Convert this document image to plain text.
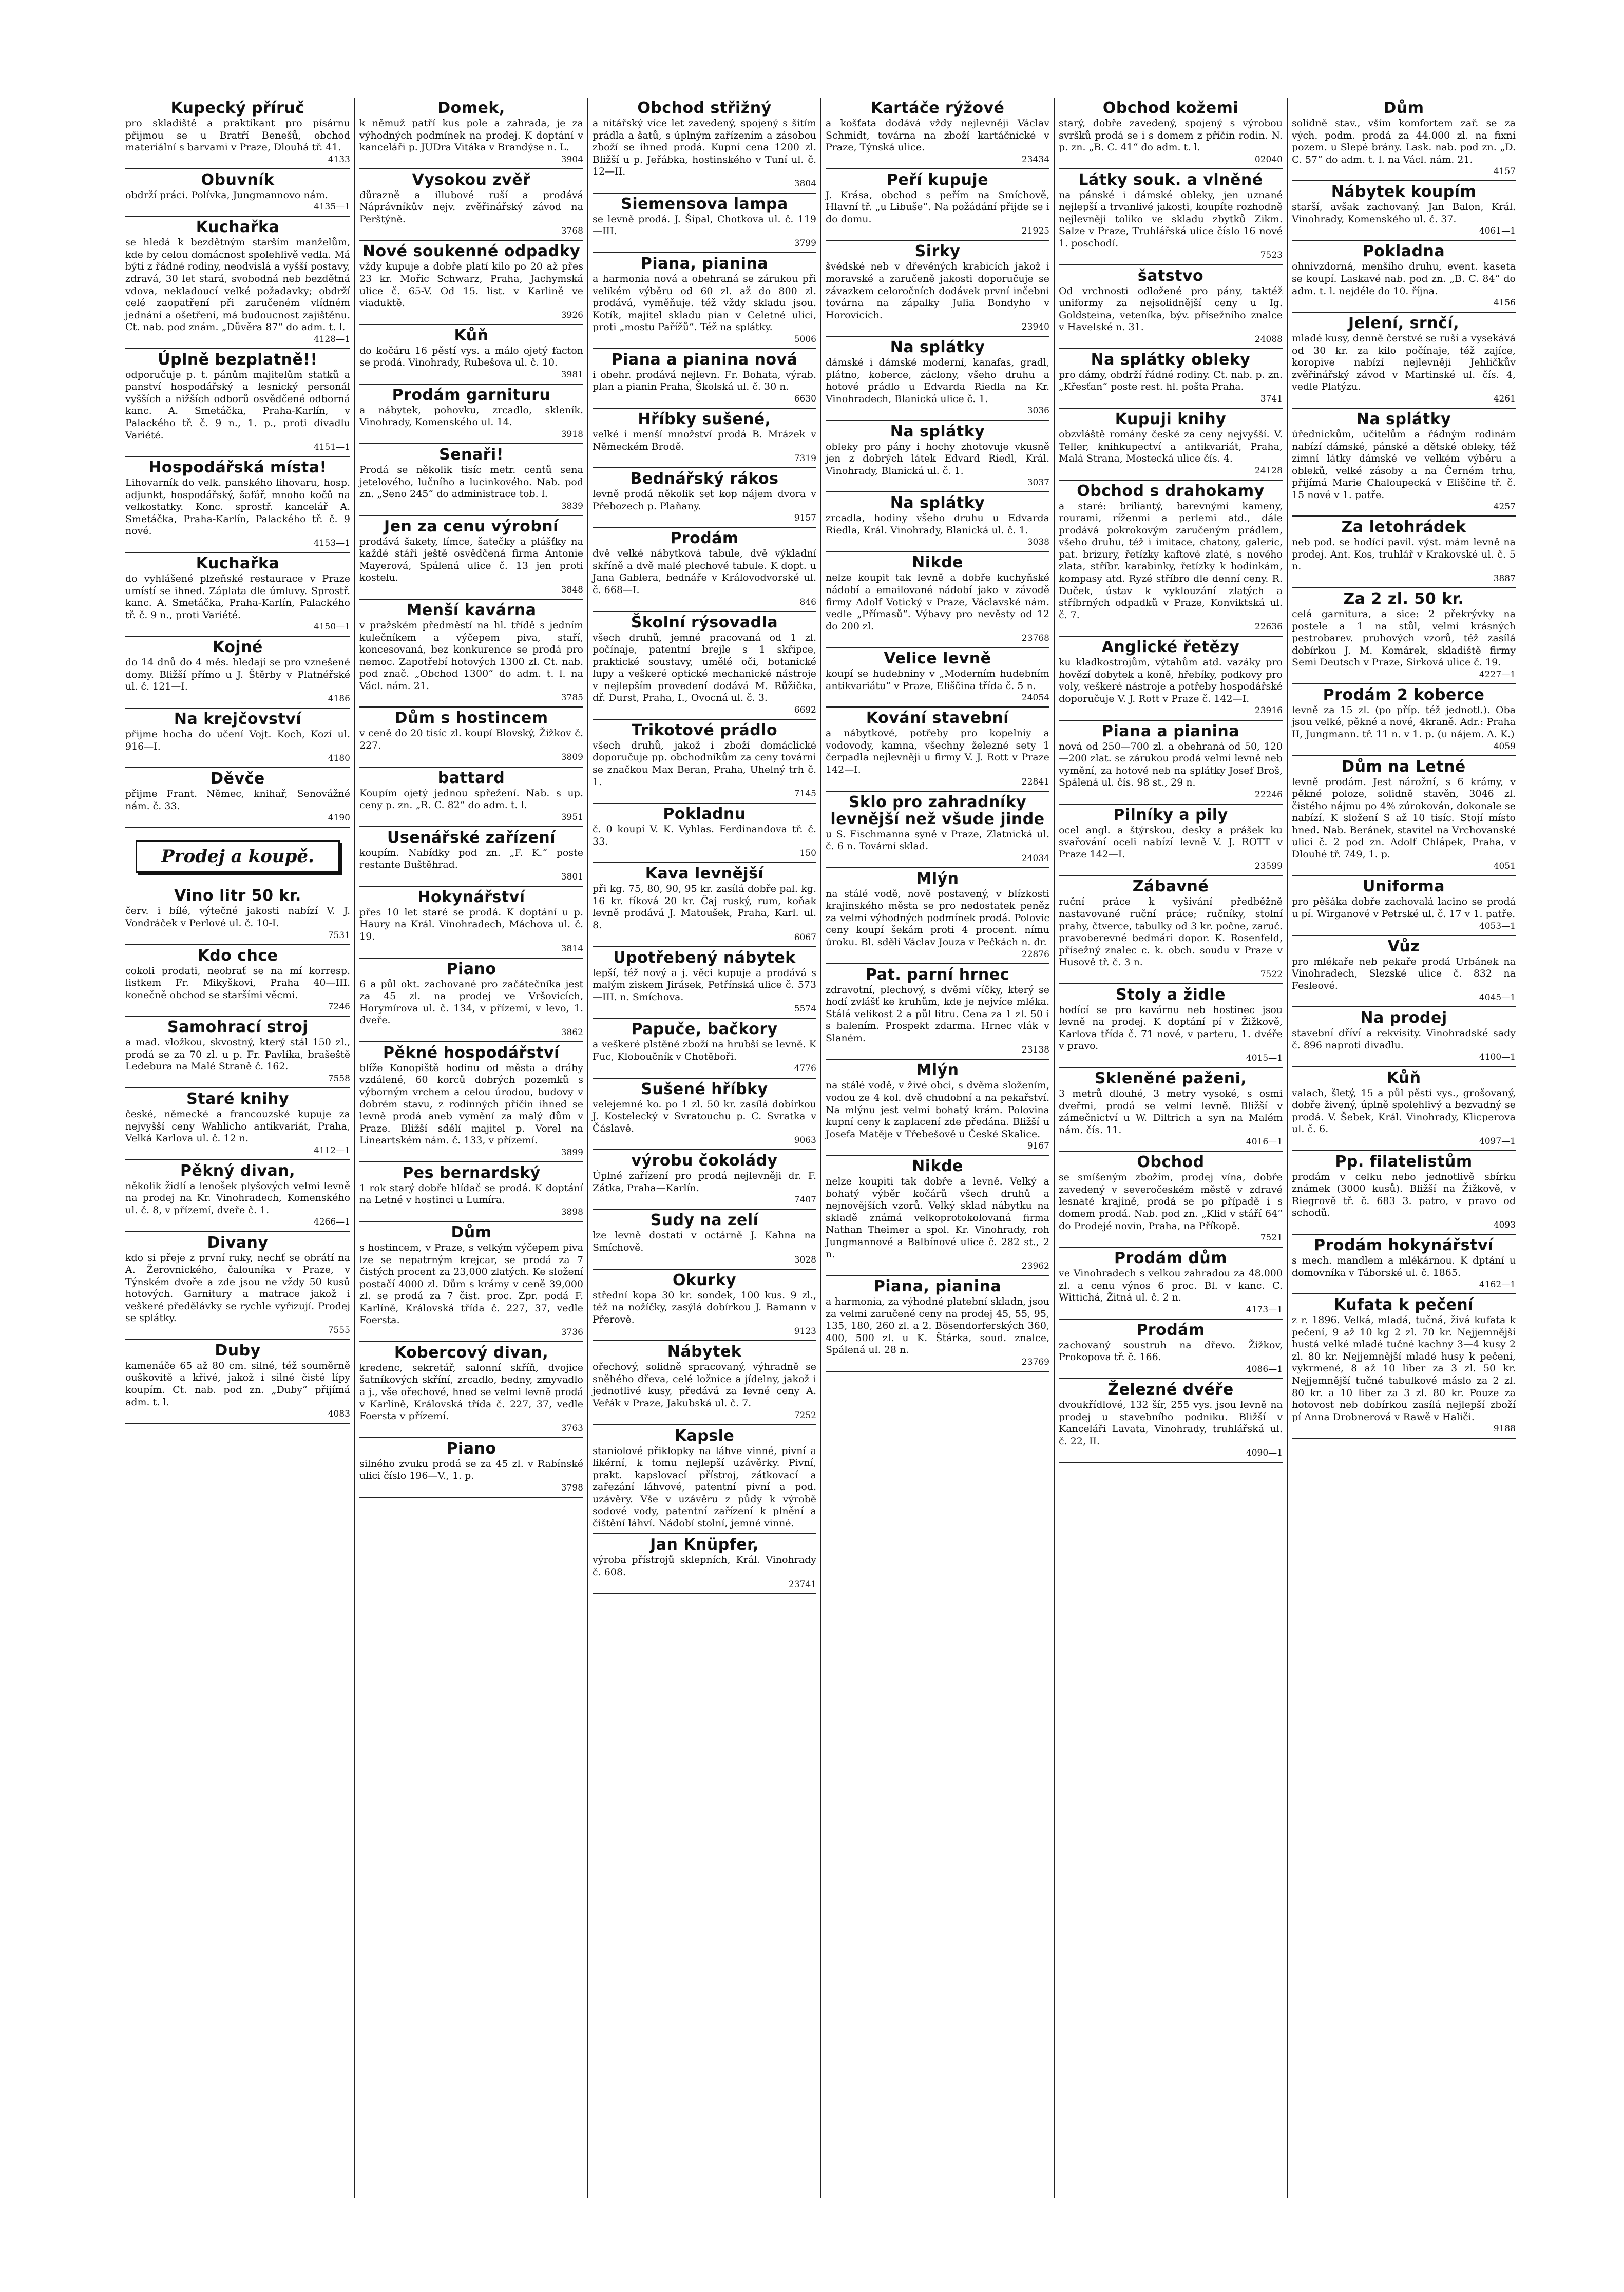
Kupecký příruč

pro skladiště a praktikant pro písárnu přijmou se u Bratří Benešů, obchod materiální s barvami v Praze, Dlouhá tř. 41.

4133
Obuvník

obdrží práci. Polívka, Jungmannovo nám.

4135—1
Kuchařka

se hledá k bezdětným starším manželům, kde by celou domácnost spolehlivě vedla. Má býti z řádné rodiny, neodvislá a vyšší postavy, zdravá, 30 let stará, svobodná neb bezdětná vdova, nekladoucí velké požadavky; obdrží celé zaopatření při zaručeném vlídném jednání a ošetření, má budoucnost zajištěnu. Ct. nab. pod znám. „Důvěra 87“ do adm. t. l.

4128—1
Úplně bezplatně!!

odporučuje p. t. pánům majitelům statků a panství hospodářský a lesnický personál vyšších a nižších odborů osvědčené odborná kanc. A. Smetáčka, Praha-Karlín, v Palackého tř. č. 9 n., 1. p., proti divadlu Variété.

4151—1
Hospodářská místa!

Lihovarník do velk. panského lihovaru, hosp. adjunkt, hospodářský, šafář, mnoho kočů na velkostatky. Konc. sprostř. kancelář A. Smetáčka, Praha-Karlín, Palackého tř. č. 9 nové.

4153—1
Kuchařka

do vyhlášené plzeňské restaurace v Praze umístí se ihned. Záplata dle úmluvy. Sprostř. kanc. A. Smetáčka, Praha-Karlín, Palackého tř. č. 9 n., proti Variété.

4150—1
Kojné

do 14 dnů do 4 měs. hledají se pro vznešené domy. Bližší přímo u J. Štěrby v Platnéřské ul. č. 121—I.

4186
Na krejčovství

přijme hocha do učení Vojt. Koch, Kozí ul. 916—I.

4180
Děvče

přijme Frant. Němec, knihař, Senovážné nám. č. 33.

4190
Prodej a koupě.
Vino litr 50 kr.

červ. i bílé, výtečné jakosti nabízí V. J. Vondráček v Perlové ul. č. 10-I.

7531
Kdo chce

cokoli prodati, neobrať se na mí korresp. listkem Fr. Mikyškovi, Praha 40—III. konečně obchod se staršími věcmi.

7246
Samohrací stroj

a mad. vložkou, skvostný, který stál 150 zl., prodá se za 70 zl. u p. Fr. Pavlíka, brašeště Ledebura na Malé Straně č. 162.

7558
Staré knihy

české, německé a francouzské kupuje za nejvyšší ceny Wahlicho antikvariát, Praha, Velká Karlova ul. č. 12 n.

4112—1
Pěkný divan,

několik židlí a lenošek plyšových velmi levně na prodej na Kr. Vinohradech, Komenského ul. č. 8, v přízemí, dveře č. 1.

4266—1
Divany

kdo si přeje z první ruky, nechť se obrátí na A. Žerovnického, čalouníka v Praze, v Týnském dvoře a zde jsou ne vždy 50 kusů hotových. Garnitury a matrace jakož i veškeré předělávky se rychle vyřizují. Prodej se splátky.

7555
Duby

kamenáče 65 až 80 cm. silné, též souměrně ouškovitě a křivé, jakož i silné čisté lípy koupím. Ct. nab. pod zn. „Duby“ přijímá adm. t. l.

4083
Domek,

k němuž patří kus pole a zahrada, je za výhodných podmínek na prodej. K doptání v kanceláři p. JUDra Vitáka v Brandýse n. L.

3904
Vysokou zvěř

důrazně a illubové ruší a prodává Náprávníkův nejv. zvěřinářský závod na Perštýně.

3768
Nové soukenné odpadky

vždy kupuje a dobře platí kilo po 20 až přes 23 kr. Mořic Schwarz, Praha, Jachymská ulice č. 65-V. Od 15. list. v Karlině ve viaduktě.

3926
Kůň

do kočáru 16 pěstí vys. a málo ojetý facton se prodá. Vinohrady, Rubešova ul. č. 10.

3981
Prodám garnituru

a nábytek, pohovku, zrcadlo, skleník. Vinohrady, Komenského ul. 14.

3918
Senaři!

Prodá se několik tisíc metr. centů sena jetelového, lučního a lucinkového. Nab. pod zn. „Seno 245“ do administrace tob. l.

3839
Jen za cenu výrobní

prodává šakety, límce, šatečky a plášťky na každé stáři ještě osvědčená firma Antonie Mayerová, Spálená ulice č. 13 jen proti kostelu.

3848
Menší kavárna

v pražském předměstí na hl. třídě s jedním kulečníkem a výčepem piva, staří, koncesovaná, bez konkurence se prodá pro nemoc. Zapotřebí hotových 1300 zl. Ct. nab. pod znač. „Obchod 1300“ do adm. t. l. na Václ. nám. 21.

3785
Dům s hostincem

v ceně do 20 tisíc zl. koupí Blovský, Žižkov č. 227.

3809
battard

Koupím ojetý jednou spřežení. Nab. s up. ceny p. zn. „R. C. 82“ do adm. t. l.

3951
Usenářské zařízení

koupím. Nabídky pod zn. „F. K.“ poste restante Buštěhrad.

3801
Hokynářství

přes 10 let staré se prodá. K doptání u p. Haury na Král. Vinohradech, Máchova ul. č. 19.

3814
Piano

6 a půl okt. zachované pro začátečníka jest za 45 zl. na prodej ve Vršovicích, Horymírova ul. č. 134, v přízemí, v levo, 1. dveře.

3862
Pěkné hospodářství

blíže Konopiště hodinu od města a dráhy vzdálené, 60 korců dobrých pozemků s výborným vrchem a celou úrodou, budovy v dobrém stavu, z rodinných příčin ihned se levně prodá aneb vymění za malý dům v Praze. Bližší sdělí majitel p. Vorel na Lineartském nám. č. 133, v přízemí.

3899
Pes bernardský

1 rok starý dobře hlídač se prodá. K doptání na Letné v hostinci u Lumíra.

3898
Dům

s hostincem, v Praze, s velkým výčepem piva lze se nepatrným krejcar, se prodá za 7 čistých procent za 23,000 zlatých. Ke složení postačí 4000 zl. Dům s krámy v ceně 39,000 zl. se prodá za 7 čist. proc. Zpr. podá F. Karlíně, Královská třída č. 227, 37, vedle Foersta.

3736
Kobercový divan,

kredenc, sekretář, salonní skříň, dvojice šatníkových skříní, zrcadlo, bedny, zmyvadlo a j., vše ořechové, hned se velmi levně prodá v Karlíně, Královská třída č. 227, 37, vedle Foersta v přízemí.

3763
Piano

silného zvuku prodá se za 45 zl. v Rabínské ulici číslo 196—V., 1. p.

3798
Obchod střižný

a nitářský více let zavedený, spojený s šitím prádla a šatů, s úplným zařízením a zásobou zboží se ihned prodá. Kupní cena 1200 zl. Bližší u p. Jeřábka, hostinského v Tuní ul. č. 12—II.

3804
Siemensova lampa

se levně prodá. J. Šípal, Chotkova ul. č. 119—III.

3799
Piana, pianina

a harmonia nová a obehraná se zárukou při velikém výběru od 60 zl. až do 800 zl. prodává, vyměňuje. též vždy skladu jsou. Kotík, majitel skladu pian v Celetné ulici, proti „mostu Pařížů“. Též na splátky.

5006
Piana a pianina nová

i obehr. prodává nejlevn. Fr. Bohata, výrab. plan a pianin Praha, Školská ul. č. 30 n.

6630
Hříbky sušené,

velké i menší množství prodá B. Mrázek v Německém Brodě.

7319
Bednářský rákos

levně prodá několik set kop nájem dvora v Přebozech p. Plaňany.

9157
Prodám

dvě velké nábytková tabule, dvě výkladní skříně a dvě malé plechové tabule. K dopt. u Jana Gablera, bednáře v Královodvorské ul. č. 668—I.

846
Školní rýsovadla

všech druhů, jemné pracovaná od 1 zl. počínaje, patentní brejle s 1 skřipce, praktické soustavy, umělé oči, botanické lupy a veškeré optické mechanické nástroje v nejlepším provedení dodává M. Růžička, dř. Durst, Praha, I., Ovocná ul. č. 3.

6692
Trikotové prádlo

všech druhů, jakož i zboží domáclické doporučuje pp. obchodníkům za ceny továrni se značkou Max Beran, Praha, Uhelný trh č. 1.

7145
Pokladnu

č. 0 koupí V. K. Vyhlas. Ferdinandova tř. č. 33.

150
Kava levnější

při kg. 75, 80, 90, 95 kr. zasílá dobře pal. kg. 16 kr. fíková 20 kr. Čaj ruský, rum, koňak levně prodává J. Matoušek, Praha, Karl. ul. 8.

6067
Upotřebený nábytek

lepší, též nový a j. věci kupuje a prodává s malým ziskem Jirásek, Petřínská ulice č. 573—III. n. Smíchova.

5574
Papuče, bačkory

a veškeré plstěné zboží na hrubší se levně. K Fuc, Kloboučník v Chotěboři.

4776
Sušené hříbky

velejemné ko. po 1 zl. 50 kr. zasílá dobírkou J. Kostelecký v Svratouchu p. C. Svratka v Čáslavě.

9063
výrobu čokolády

Úplné zařízení pro prodá nejlevněji dr. F. Zátka, Praha—Karlín.

7407
Sudy na zelí

lze levně dostati v octárně J. Kahna na Smíchově.

3028
Okurky

střední kopa 30 kr. sondek, 100 kus. 9 zl., též na nožíčky, zasýlá dobírkou J. Bamann v Přerově.

9123
Nábytek

ořechový, solidně spracovaný, výhradně se sněhého dřeva, celé ložnice a jídelny, jakož i jednotlivé kusy, předává za levné ceny A. Veřák v Praze, Jakubská ul. č. 7.

7252
Kapsle

staniolové přiklopky na láhve vinné, pivní a likérní, k tomu nejlepší uzávěrky. Pivní, prakt. kapslovací přístroj, zátkovací a zařezání láhvové, patentní pivní a pod. uzávěry. Vše v uzávěru z půdy k výrobě sodové vody, patentní zařízení k plnění a čištění láhví. Nádobí stolní, jemné vinné.

Jan Knüpfer,

výroba přístrojů sklepních, Král. Vinohrady č. 608.

23741
Kartáče rýžové

a košťata dodává vždy nejlevněji Václav Schmidt, továrna na zboží kartáčnické v Praze, Týnská ulice.

23434
Peří kupuje

J. Krása, obchod s peřím na Smíchově, Hlavní tř. „u Libuše“. Na požádání přijde se i do domu.

21925
Sirky

švédské neb v dřevěných krabicích jakož i moravské a zaručeně jakosti doporučuje se závazkem celoročních dodávek první inčebni továrna na zápalky Julia Bondyho v Horovicích.

23940
Na splátky

dámské i dámské moderní, kanafas, gradl, plátno, koberce, záclony, všeho druhu a hotové prádlo u Edvarda Riedla na Kr. Vinohradech, Blanická ulice č. 1.

3036
Na splátky

obleky pro pány i hochy zhotovuje vkusně jen z dobrých látek Edvard Riedl, Král. Vinohrady, Blanická ul. č. 1.

3037
Na splátky

zrcadla, hodiny všeho druhu u Edvarda Riedla, Král. Vinohrady, Blanická ul. č. 1.

3038
Nikde

nelze koupit tak levně a dobře kuchyňské nádobí a emailované nádobí jako v závodě firmy Adolf Votický v Praze, Václavské nám. vedle „Přímasů“. Výbavy pro nevěsty od 12 do 200 zl.

23768
Velice levně

koupí se hudebniny v „Moderním hudebním antikvariátu“ v Praze, Eliščina třída č. 5 n.

24054
Kování stavební

a nábytkové, potřeby pro kopelníy a vodovody, kamna, všechny železné sety 1 čerpadla nejlevněji u firmy V. J. Rott v Praze 142—I.

22841
Sklo pro zahradníky levnější než všude jinde

u S. Fischmanna syně v Praze, Zlatnická ul. č. 6 n. Tovární sklad.

24034
Mlýn

na stálé vodě, nově postavený, v blízkosti krajinského města se pro nedostatek peněz za velmi výhodných podmínek prodá. Polovic ceny koupí šekám proti 4 procent. nímu úroku. Bl. sdělí Václav Jouza v Pečkách n. dr.

22876
Pat. parní hrnec

zdravotní, plechový, s dvěmi víčky, který se hodí zvlášť ke kruhům, kde je nejvíce mléka. Stálá velikost 2 a půl litru. Cena za 1 zl. 50 i s balením. Prospekt zdarma. Hrnec vlák v Slaném.

23138
Mlýn

na stálé vodě, v živé obci, s dvěma složením, vodou ze 4 kol. dvě chudobní a na pekařství. Na mlýnu jest velmi bohatý krám. Polovina kupní ceny k zaplacení zde předána. Bližší u Josefa Matěje v Třebešově u České Skalice.

9167
Nikde

nelze koupiti tak dobře a levně. Velký a bohatý výběr kočárů všech druhů a nejnovějších vzorů. Velký sklad nábytku na skladě známá velkoprotokolovaná firma Nathan Theimer a spol. Kr. Vinohrady, roh Jungmannové a Balbínové ulice č. 282 st., 2 n.

23962
Piana, pianina

a harmonia, za výhodné platební skladn, jsou za velmi zaručené ceny na prodej 45, 55, 95, 135, 180, 260 zl. a 2. Bösendorferských 360, 400, 500 zl. u K. Štárka, soud. znalce, Spálená ul. 28 n.

23769
Obchod kožemi

starý, dobře zavedený, spojený s výrobou svršků prodá se i s domem z příčin rodin. N. p. zn. „B. C. 41“ do adm. t. l.

02040
Látky souk. a vlněné

na pánské i dámské obleky, jen uznané nejlepší a trvanlivé jakosti, koupíte rozhodně nejlevněji toliko ve skladu zbytků Zikm. Salze v Praze, Truhlářská ulice číslo 16 nové 1. poschodí.

7523
šatstvo

Od vrchnosti odložené pro pány, taktéž uniformy za nejsolidnější ceny u Ig. Goldsteina, veteníka, býv. přísežního znalce v Havelské n. 31.

24088
Na splátky obleky

pro dámy, obdrží řádné rodiny. Ct. nab. p. zn. „Křesťan“ poste rest. hl. pošta Praha.

3741
Kupuji knihy

obzvláště romány české za ceny nejvyšší. V. Teller, knihkupectví a antikvariát, Praha, Malá Strana, Mostecká ulice čís. 4.

24128
Obchod s drahokamy

a staré: briliantý, barevnými kameny, rourami, ríženmi a perlemi atd., dále prodává pokrokovým zaručeným prádlem, všeho druhu, též i imitace, chatony, galeric, pat. brizury, řetízky kaftové zlaté, s nového zlata, stříbr. karabinky, řetízky k hodinkám, kompasy atd. Ryzé stříbro dle denní ceny. R. Duček, ústav k vyklouzání zlatých a stříbrných odpadků v Praze, Konviktská ul. č. 7.

22636
Anglické řetězy

ku kladkostrojům, výtahům atd. vazáky pro hovězí dobytek a koně, hřebíky, podkovy pro voly, veškeré nástroje a potřeby hospodářské doporučuje V. J. Rott v Praze č. 142—I.

23916
Piana a pianina

nová od 250—700 zl. a obehraná od 50, 120—200 zlat. se zárukou prodá velmi levně neb vymění, za hotové neb na splátky Josef Broš, Spálená ul. čís. 98 st., 29 n.

22246
Pilníky a pily

ocel angl. a štýrskou, desky a prášek ku svařování oceli nabízí levně V. J. ROTT v Praze 142—I.

23599
Zábavné

ruční práce k vyšívání předběžně nastavované ruční práce; ručníky, stolní prahy, čtverce, tabulky od 3 kr. počne, zaruč. pravoberevné bedmári dopor. K. Rosenfeld, přísežný znalec c. k. obch. soudu v Praze v Husově tř. č. 3 n.

7522
Stoly a židle

hodící se pro kavárnu neb hostinec jsou levně na prodej. K doptání pí v Žižkově, Karlova třída č. 71 nové, v parteru, 1. dvéře v pravo.

4015—1
Skleněné paženi,

3 metrů dlouhé, 3 metry vysoké, s osmi dveřmi, prodá se velmi levně. Bližší v zámečnictví u W. Diltrich a syn na Malém nám. čís. 11.

4016—1
Obchod

se smíšeným zbožím, prodej vína, dobře zavedený v severočeském městě v zdravé lesnaté krajině, prodá se po případě i s domem prodá. Nab. pod zn. „Klid v stáří 64“ do Prodejé novin, Praha, na Příkopě.

7521
Prodám dům

ve Vinohradech s velkou zahradou za 48.000 zl. a cenu výnos 6 proc. Bl. v kanc. C. Wittichá, Žitná ul. č. 2 n.

4173—1
Prodám

zachovaný soustruh na dřevo. Žižkov, Prokopova tř. č. 166.

4086—1
Železné dvéře

dvoukřídlové, 132 šír, 255 vys. jsou levně na prodej u stavebního podniku. Bližší v Kanceláři Lavata, Vinohrady, truhlářská ul. č. 22, II.

4090—1
Dům

solidně stav., vším komfortem zař. se za vých. podm. prodá za 44.000 zl. na fixní pozem. u Slepé brány. Lask. nab. pod zn. „D. C. 57“ do adm. t. l. na Václ. nám. 21.

4157
Nábytek koupím

starší, avšak zachovaný. Jan Balon, Král. Vinohrady, Komenského ul. č. 37.

4061—1
Pokladna

ohnivzdorná, menšího druhu, event. kaseta se koupí. Laskavé nab. pod zn. „B. C. 84“ do adm. t. l. nejdéle do 10. října.

4156
Jelení, srnčí,

mladé kusy, denně čerstvé se ruší a vysekává od 30 kr. za kilo počínaje, též zajíce, koropive nabízí nejlevněji Jehličkův zvěřinářský závod v Martinské ul. čís. 4, vedle Platýzu.

4261
Na splátky

úřednickům, učitelům a řádným rodinám nabízí dámské, pánské a dětské obleky, též zimní látky dámské ve velkém výběru a obleků, velké zásoby a na Černém trhu, přijímá Marie Chaloupecká v Eliščine tř. č. 15 nové v 1. patře.

4257
Za letohrádek

neb pod. se hodící pavil. výst. mám levně na prodej. Ant. Kos, truhlář v Krakovské ul. č. 5 n.

3887
Za 2 zl. 50 kr.

celá garnitura, a sice: 2 překrývky na postele a 1 na stůl, velmi krásných pestrobarev. pruhových vzorů, též zasílá dobírkou J. M. Komárek, skladiště firmy Semi Deutsch v Praze, Sirková ulice č. 19.

4227—1
Prodám 2 koberce

levně za 15 zl. (po příp. též jednotl.). Oba jsou velké, pěkné a nové, 4kraně. Adr.: Praha II, Jungmann. tř. 11 n. v 1. p. (u nájem. A. K.)

4059
Dům na Letné

levně prodám. Jest nárožní, s 6 krámy, v pěkné poloze, solidně stavěn, 3046 zl. čistého nájmu po 4% zúrokován, dokonale se nabízí. K složení S až 10 tisíc. Stojí místo hned. Nab. Beránek, stavitel na Vrchovanské ulici č. 2 pod zn. Adolf Chlápek, Praha, v Dlouhé tř. 749, 1. p.

4051
Uniforma

pro pěšáka dobře zachovalá lacino se prodá u pí. Wirganové v Petrské ul. č. 17 v 1. patře.

4053—1
Vůz

pro mlékaře neb pekaře prodá Urbánek na Vinohradech, Slezské ulice č. 832 na Fesleové.

4045—1
Na prodej

stavební dříví a rekvisity. Vinohradské sady č. 896 naproti divadlu.

4100—1
Kůň

valach, šletý, 15 a půl pěsti vys., grošovaný, dobře živený, úplně spolehlivý a bezvadný se prodá. V. Šebek, Král. Vinohrady, Klicperova ul. č. 6.

4097—1
Pp. filatelistům

prodám v celku nebo jednotlivě sbírku známek (3000 kusů). Bližší na Žižkově, v Riegrově tř. č. 683 3. patro, v pravo od schodů.

4093
Prodám hokynářství

s mech. mandlem a mlékárnou. K dptání u domovníka v Táborské ul. č. 1865.

4162—1
Kufata k pečení

z r. 1896. Velká, mladá, tučná, živá kufata k pečení, 9 až 10 kg 2 zl. 70 kr. Nejjemnější hustá velké mladé tučné kachny 3—4 kusy 2 zl. 80 kr. Nejjemnější mladé husy k pečení, vykrmené, 8 až 10 liber za 3 zl. 50 kr. Nejjemnější tučné tabulkové máslo za 2 zl. 80 kr. a 10 liber za 3 zl. 80 kr. Pouze za hotovost neb dobírkou zasílá nejlepší zboží pí Anna Drobnerová v Rawě v Haliči.

9188
